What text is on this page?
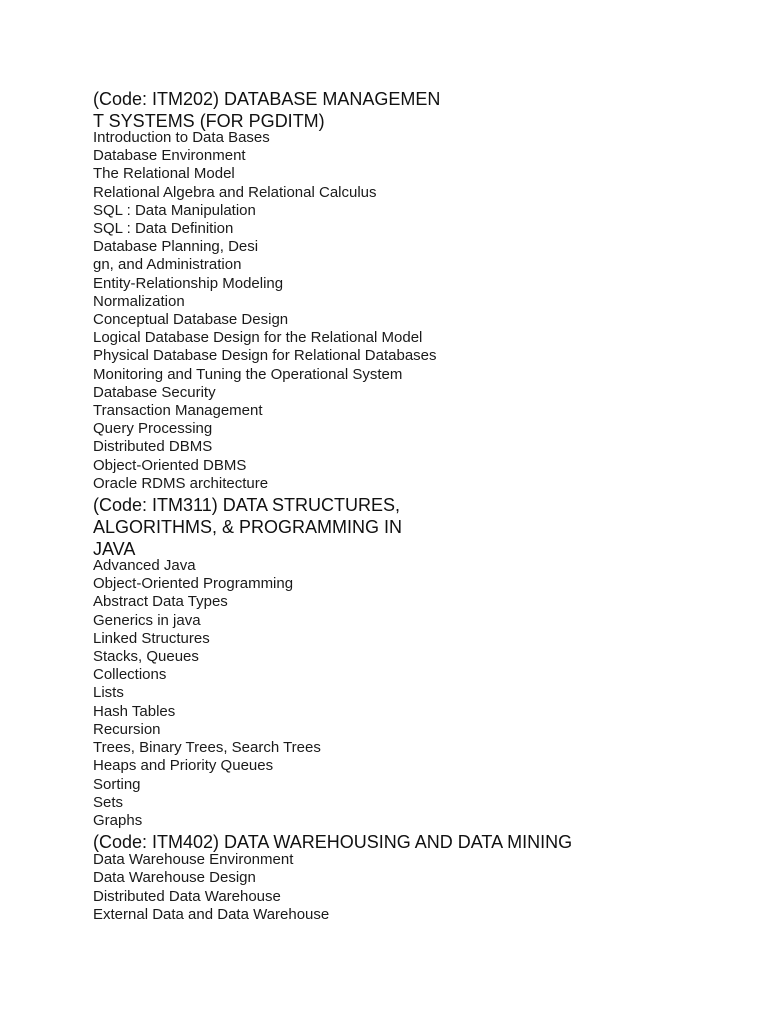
(Code: ITM202) DATABASE MANAGEMEN
T SYSTEMS (FOR PGDITM)
Introduction to Data Bases
Database Environment
The Relational Model
Relational Algebra and Relational Calculus
SQL : Data Manipulation
SQL : Data Definition
Database Planning, Desi
gn, and Administration
Entity-Relationship Modeling
Normalization
Conceptual Database Design
Logical Database Design for the Relational Model
Physical Database Design for Relational Databases
Monitoring and Tuning the Operational System
Database Security
Transaction Management
Query Processing
Distributed DBMS
Object-Oriented DBMS
Oracle RDMS architecture
(Code: ITM311) DATA STRUCTURES,
ALGORITHMS, & PROGRAMMING IN
JAVA
Advanced Java
Object-Oriented Programming
Abstract Data Types
Generics in java
Linked Structures
Stacks, Queues
Collections
Lists
Hash Tables
Recursion
Trees, Binary Trees, Search Trees
Heaps and Priority Queues
Sorting
Sets
Graphs
(Code: ITM402) DATA WAREHOUSING AND DATA MINING
Data Warehouse Environment
Data Warehouse Design
Distributed Data Warehouse
External Data and Data Warehouse
